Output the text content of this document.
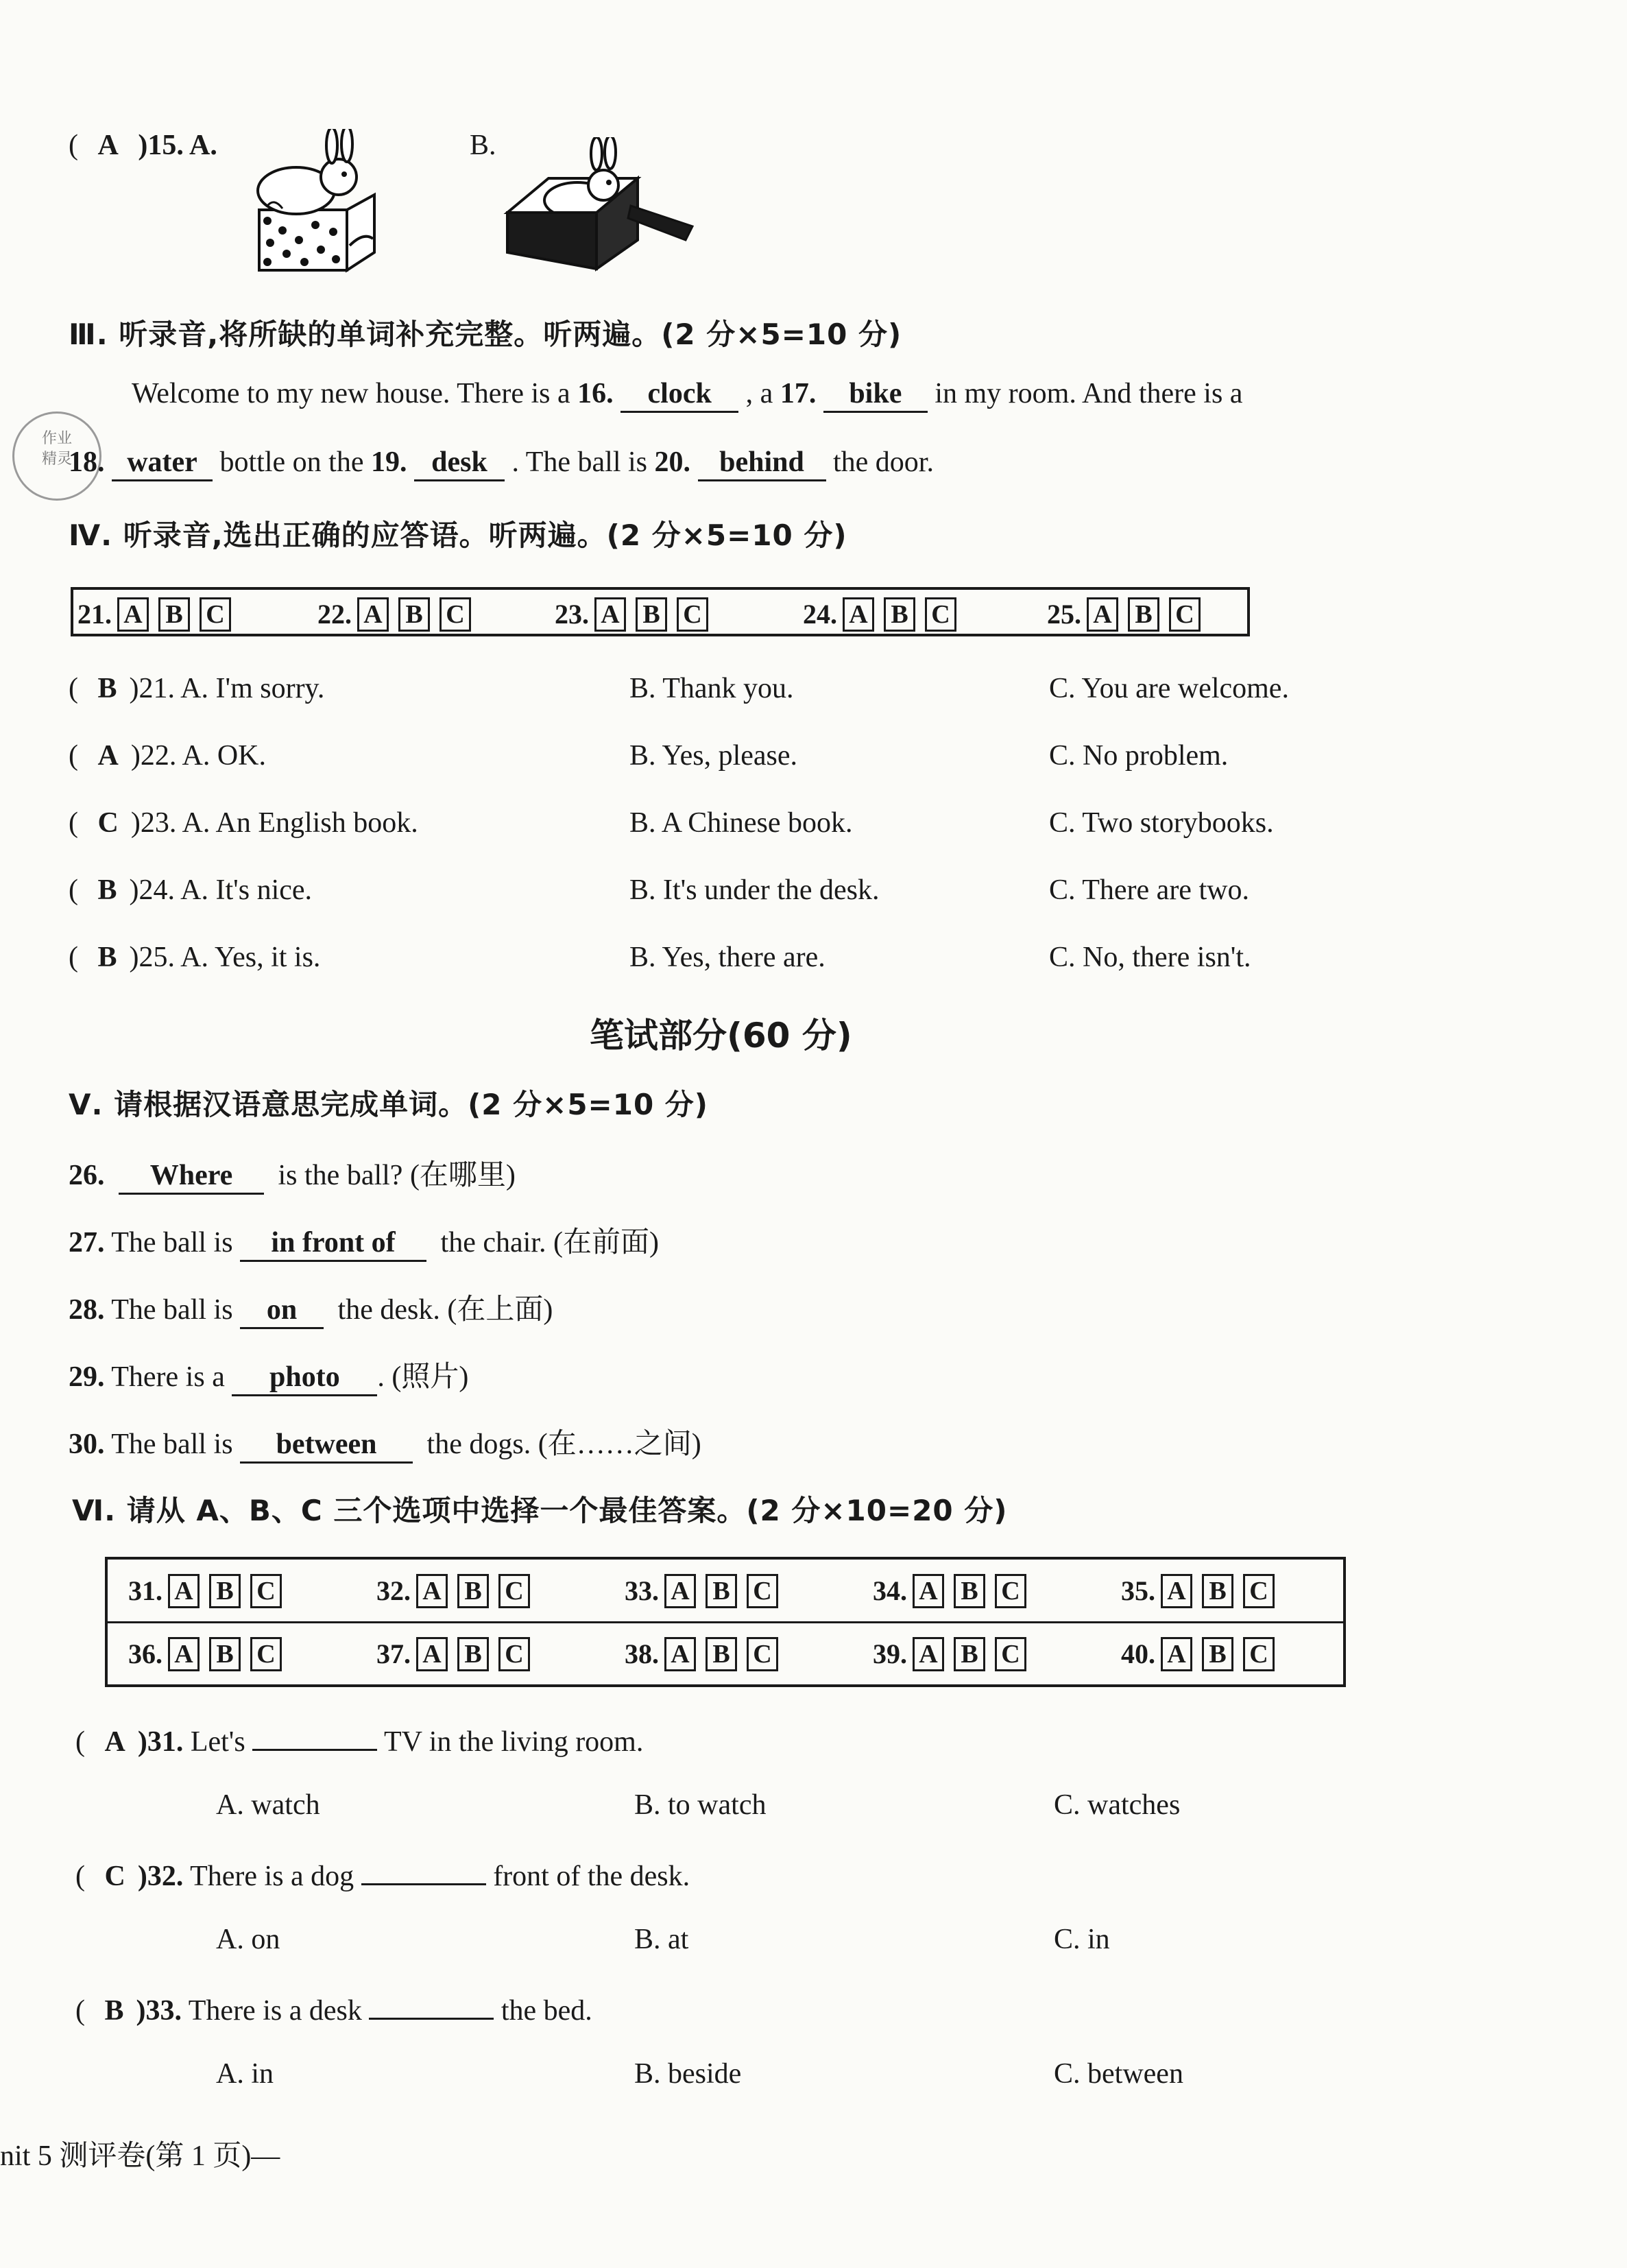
作业
精灵
( A )15. A.	B.
Ⅲ. 听录音,将所缺的单词补充完整。听两遍。(2 分×5=10 分)
Welcome to my new house. There is a 16. clock , a 17. bike in my room. And there is a
18. water bottle on the 19. desk . The ball is 20. behind the door.
Ⅳ. 听录音,选出正确的应答语。听两遍。(2 分×5=10 分)
21. A B C	22. A B C	23. A B C	24. A B C	25. A B C
( B )21. A. I'm sorry.	B. Thank you.	C. You are welcome.
( A )22. A. OK.	B. Yes, please.	C. No problem.
( C )23. A. An English book.	B. A Chinese book.	C. Two storybooks.
( B )24. A. It's nice.	B. It's under the desk.	C. There are two.
( B )25. A. Yes, it is.	B. Yes, there are.	C. No, there isn't.
笔试部分(60 分)
Ⅴ. 请根据汉语意思完成单词。(2 分×5=10 分)
26. Where is the ball? (在哪里)
27. The ball is in front of the chair. (在前面)
28. The ball is on the desk. (在上面)
29. There is a photo . (照片)
30. The ball is between the dogs. (在……之间)
Ⅵ. 请从 A、B、C 三个选项中选择一个最佳答案。(2 分×10=20 分)
31. A B C	32. A B C	33. A B C	34. A B C	35. A B C
36. A B C	37. A B C	38. A B C	39. A B C	40. A B C
( A )31. Let's	TV in the living room.
A. watch	B. to watch	C. watches
( C )32. There is a dog	front of the desk.
A. on	B. at	C. in
( B )33. There is a desk	the bed.
A. in	B. beside	C. between
nit 5 测评卷(第 1 页)—
